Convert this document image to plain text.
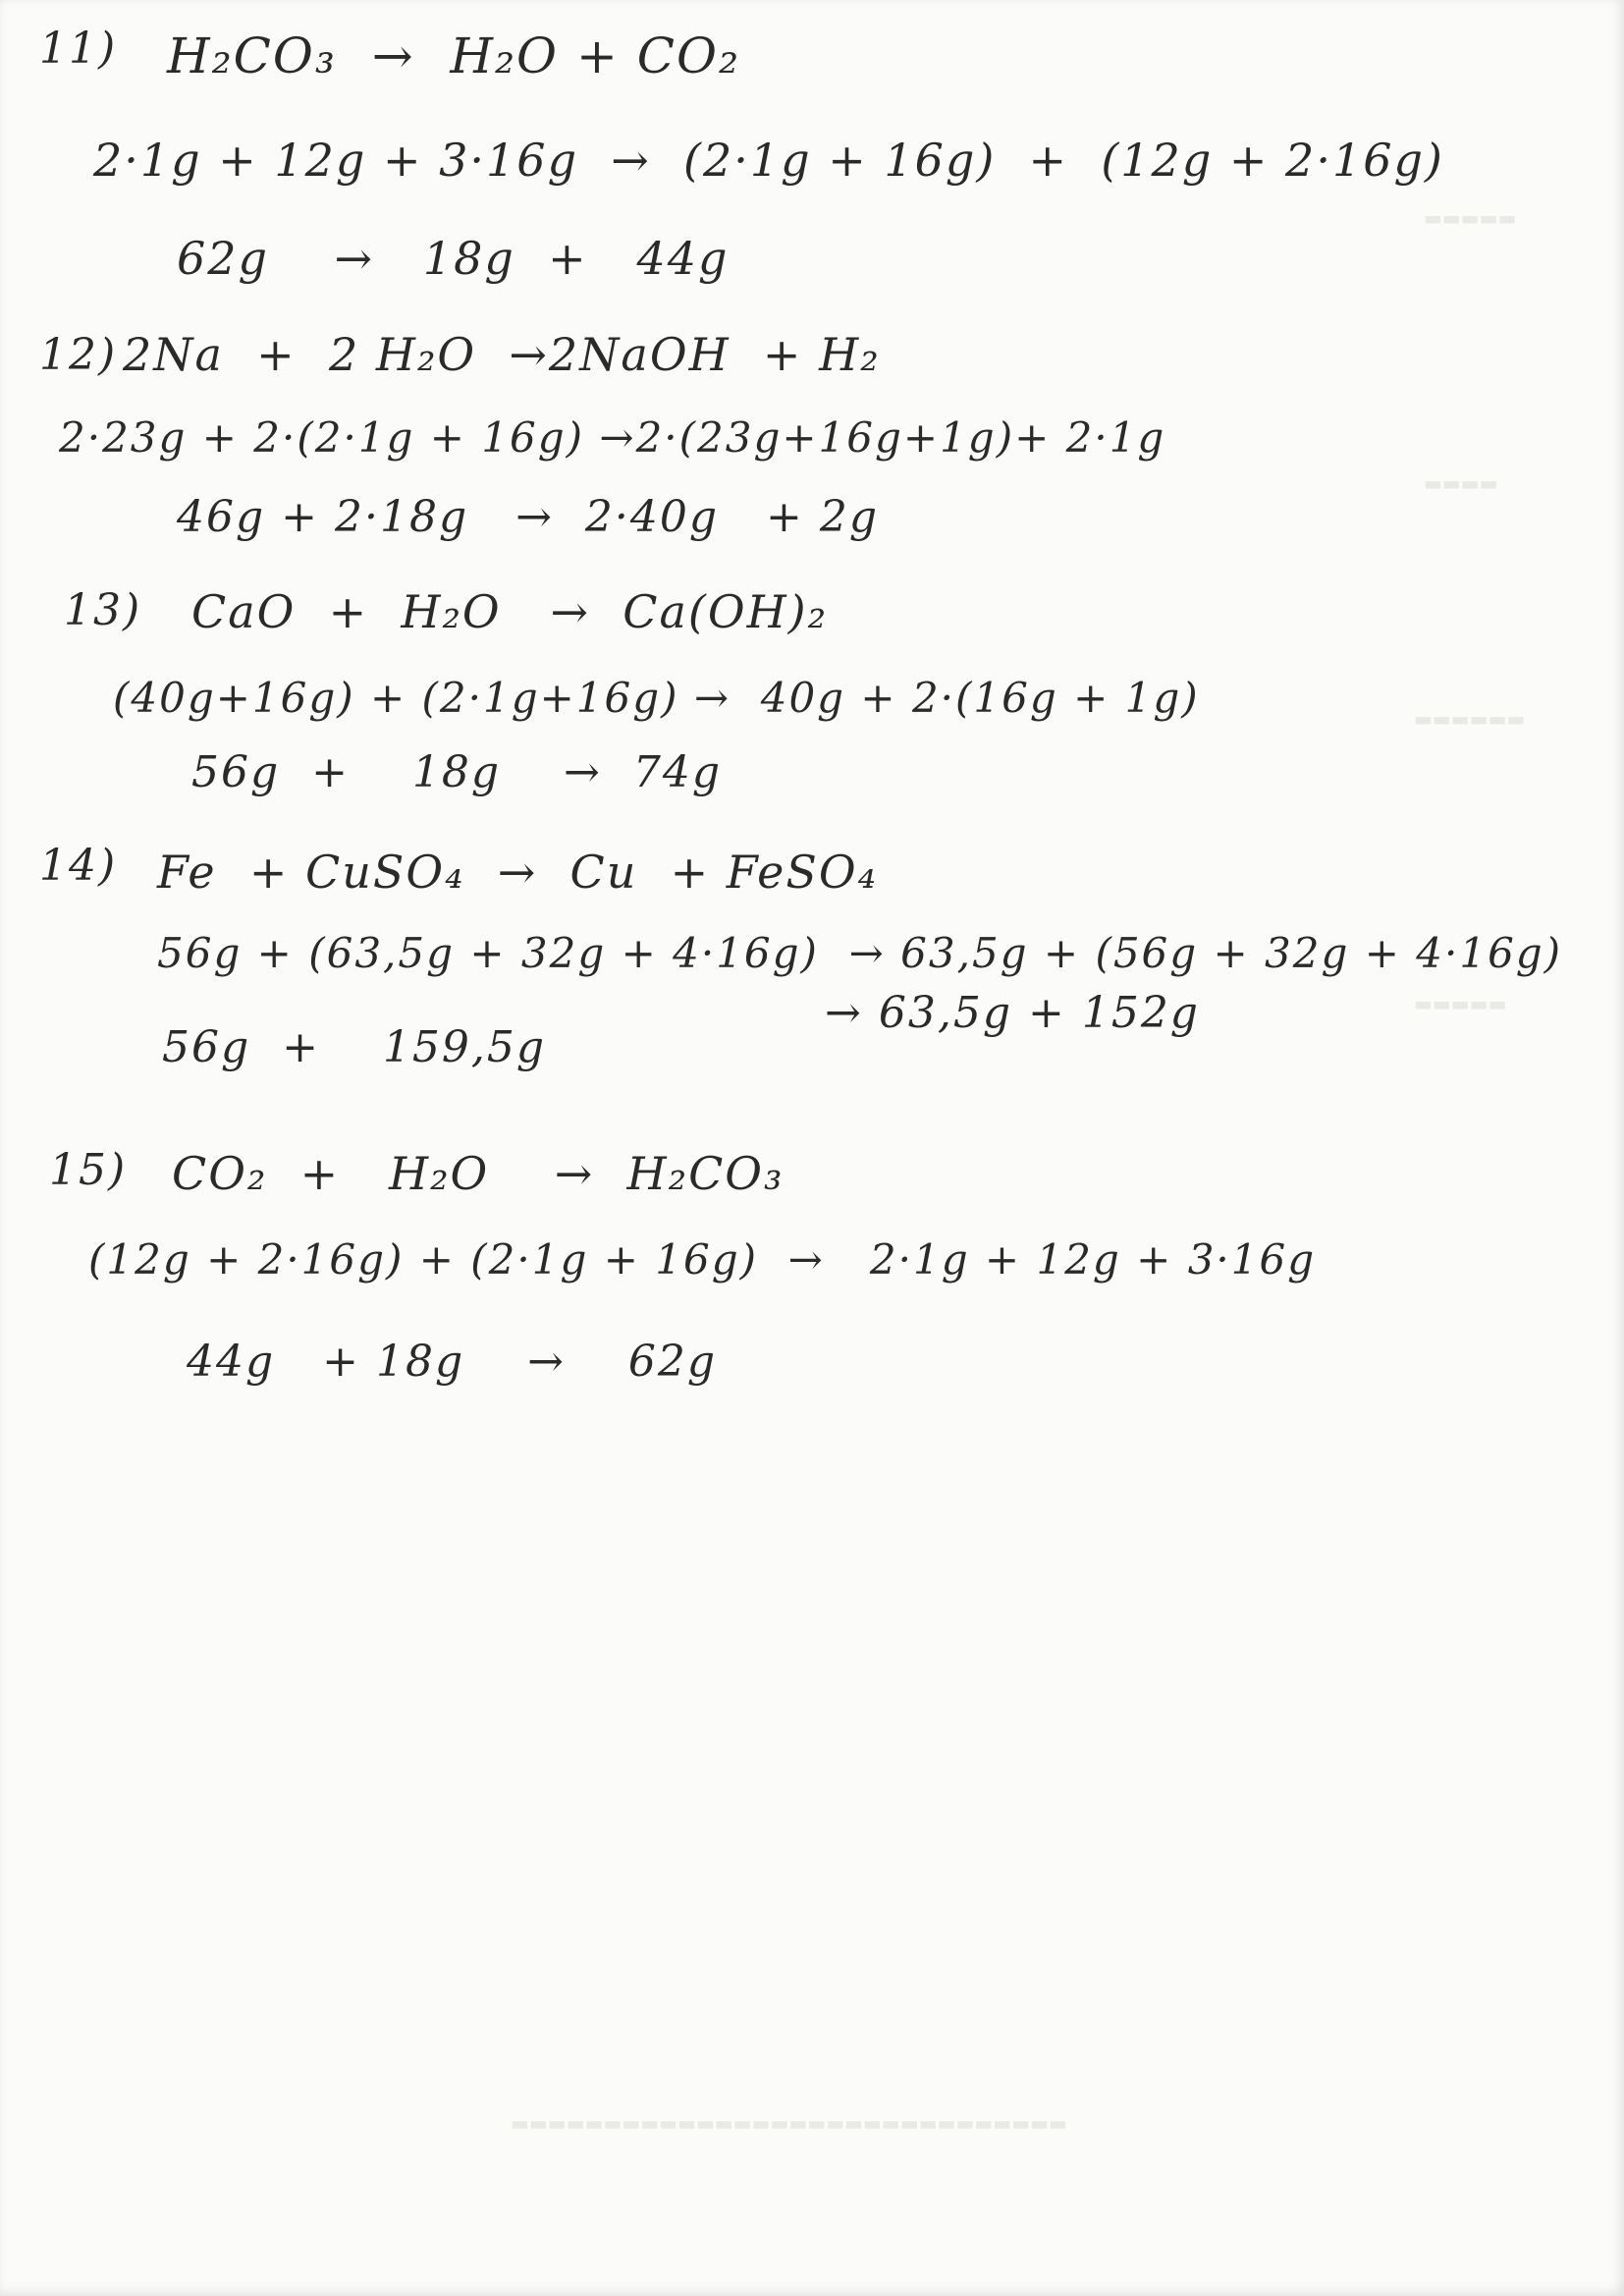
▬▬▬▬▬
▬▬▬▬
▬▬▬▬▬▬
▬▬▬▬▬
▬▬▬▬▬▬▬▬▬▬▬▬▬▬▬▬▬▬▬▬▬▬▬▬▬▬▬▬▬▬
11) H₂CO₃  →  H₂O + CO₂
2·1g + 12g + 3·16g  →  (2·1g + 16g)  +  (12g + 2·16g)
62g    →   18g  +   44g
12) 2Na  +  2 H₂O  →2NaOH  + H₂
2·23g + 2·(2·1g + 16g) →2·(23g+16g+1g)+ 2·1g
46g + 2·18g   →  2·40g   + 2g
13) CaO  +  H₂O   →  Ca(OH)₂
(40g+16g) + (2·1g+16g) →  40g + 2·(16g + 1g)
56g  +    18g    →  74g
14) Fe  + CuSO₄  →  Cu  + FeSO₄
56g + (63,5g + 32g + 4·16g)  → 63,5g + (56g + 32g + 4·16g)
→ 63,5g + 152g
56g  +    159,5g
15) CO₂  +   H₂O    →  H₂CO₃
(12g + 2·16g) + (2·1g + 16g)  →   2·1g + 12g + 3·16g
44g   + 18g    →    62g
